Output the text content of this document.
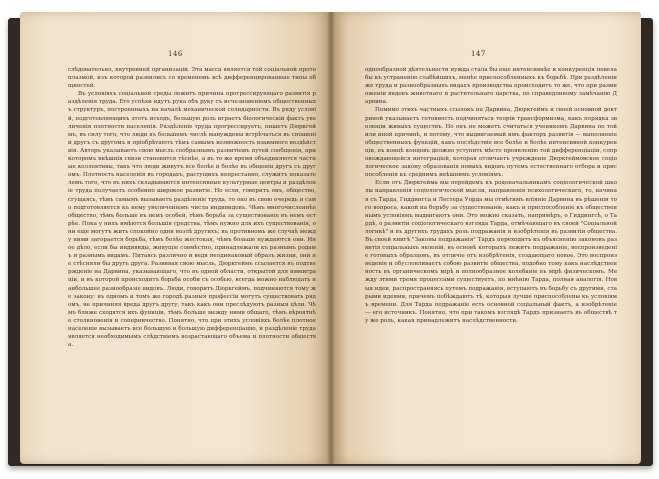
146

слѣдовательно, внутренней организаціи. Эта масса является той соціальной протоплазмой, изъ которой развились со временемъ всѣ дифференцированные типы общностей.

Въ условіяхъ соціальной среды лежитъ причина прогрессирующаго развитія раздѣленія труда. Его успѣхи идутъ рука объ руку съ исчезновеніемъ общественныхъ структуръ, построенныхъ на началѣ механической солидарности. Въ ряду условій, подготовляющихъ этотъ исходъ, большую роль играетъ біологическій фактъ увеличенія плотности населенія. Раздѣленіе труда прогрессируетъ, пишетъ Дюркгеймъ, въ силу того, что люди въ большемъ числѣ вынуждены встрѣчаться въ сношеніи другъ съ другомъ и пріобрѣтаютъ тѣмъ самымъ возможность взаимного воздѣйствія. Авторъ указываетъ свою мысль сообразнымъ развитіемъ путей сообщенія, при которомъ внѣшнія связи становятся тѣснѣе, а въ то же время объединяются частные коллективы, такъ что люди живутъ все болѣе и болѣе въ общеніи другъ съ другомъ. Плотность населенія въ городахъ, растущихъ непрестанно, служитъ показателемъ того, что въ нихъ складываются интенсивные культурные центры и раздѣленіе труда получаетъ особенно широкое развитіе. Но если, говоритъ онъ, общество, сгущаясь, тѣмъ самымъ вызываетъ раздѣленіе труда, то оно въ свою очередь и само подготовляется къ нему увеличеніемъ числа индивидовъ. Чѣмъ многочисленнѣе общество, тѣмъ больше въ немъ особей, тѣмъ борьба за существованіе въ немъ острѣе. Пока у нихъ имѣются большія средства, тѣмъ нужно для ихъ существованія, они еще могутъ жить спокойно одни возлѣ другихъ; въ противномъ же случаѣ между ними загорается борьба, тѣмъ болѣе жестокая, чѣмъ больше нуждаются они. Иное дѣло, если бы индивиды, живущіе совмѣстно, принадлежали къ разнымъ родамъ и разнымъ видамъ. Питаясь различно и ведя неодинаковый образъ жизни, они не стѣсняли бы другъ друга. Развивая свою мысль, Дюркгеймъ ссылается въ подтвержденіе на Дарвина, указывающаго, что въ одной области, открытой для иммиграціи, и въ которой происходитъ борьба особи съ особью, всегда можно наблюдать наибольшее разнообразіе видовъ. Люди, говоритъ Дюркгеймъ, подчиняются тому же закону: въ одномъ и томъ же городѣ разныя профессіи могутъ существовать рядомъ, не причиняя вреда другъ другу, такъ какъ они преслѣдуютъ разныя цѣли. Чѣмъ ближе сходятся ихъ функціи, тѣмъ больше между ними общаго, тѣмъ вѣроятнѣе столкновенія и соперничество. Понятно, что при этихъ условіяхъ болѣе плотное населеніе вызываетъ все большую и большую дифференціацію, и раздѣленіе труда является необходимымъ слѣдствіемъ возрастающаго объема и плотности общества.

147

однообразной дѣятельности нужда стала бы еще интенсивнѣе и конкуренція повела бы къ устраненію слабѣйшихъ, менѣе приспособленныхъ къ борьбѣ. При раздѣленіи же труда и разнообразныхъ видахъ производства происходитъ то же, что при размноженіи видовъ животнаго и растительнаго царства, по справедливому замѣчанію Дарвина.

Помимо этихъ частныхъ ссылокъ на Дарвина, Дюркгеймъ и своей основной доктриной указываетъ готовность подчиняться теоріи трансформизма, какъ порядка эволюціи живыхъ существъ. Но онъ не можетъ считаться ученикомъ Дарвина по той или иной причинѣ, и потому, что выдвигаемый имъ факторъ развитія — выполненіе общественныхъ функцій, какъ послѣдствіе все болѣе и болѣе интенсивной конкуренціи, въ концѣ концовъ должно уступить мѣсто проявленію той дифференціаціи, сопровождающейся интеграціей, которая отличаетъ учрежденіе Дюркгеймовское соціологическое закону образованія новыхъ видовъ путемъ естественнаго отбора и приспособленія къ среднимъ внѣшнимъ условіямъ.

Если отъ Дюркгейма мы перейдемъ къ родоначальникамъ соціологической школы направленія соціологической мысли, направленія психологическаго, то, начиная съ Тарда, Гиддингса и Лестера Уорда мы отмѣтимъ вліяніе Дарвина въ рѣшеніи того вопроса, какой на борьбу за существованіе, какъ и приспособленіе къ общественнымъ условіямъ выдвигаютъ они. Это можно сказать, напримѣръ, о Гиддингсѣ, о Тардѣ, о развитіи соціологическаго взгляда Тарда, отмѣчающаго въ своей "Соціальной логикѣ" и въ другихъ трудахъ роль подражанія и изобрѣтенія въ развитіи общества. Въ своей книгѣ "Законы подражанія" Тардъ переходитъ къ объясненію законовъ развитія соціальныхъ явленій, въ основѣ которыхъ лежитъ подражаніе, воспроизведеніе готовыхъ образцовъ, въ отличіе отъ изобрѣтенія, создающаго новое. Это воспроизведеніе и обусловливаетъ собою развитіе общества, подобно тому какъ наслѣдственность въ органическомъ мірѣ и волнообразное колебаніе въ мірѣ физическомъ. Между этими тремя процессами существуетъ, по мнѣнію Тарда, полная аналогія. Новыя идеи, распространяясь путемъ подражанія, вступаютъ въ борьбу съ другими, старыми идеями, причемъ побѣждаютъ тѣ, которыя лучше приспособлены къ условіямъ времени. Для Тарда подражаніе есть основной соціальный фактъ, а изобрѣтеніе — его источникъ. Понятно, что при такомъ взглядѣ Тардъ признаетъ въ обществѣ ту же роль, какая принадлежитъ наслѣдственности.
